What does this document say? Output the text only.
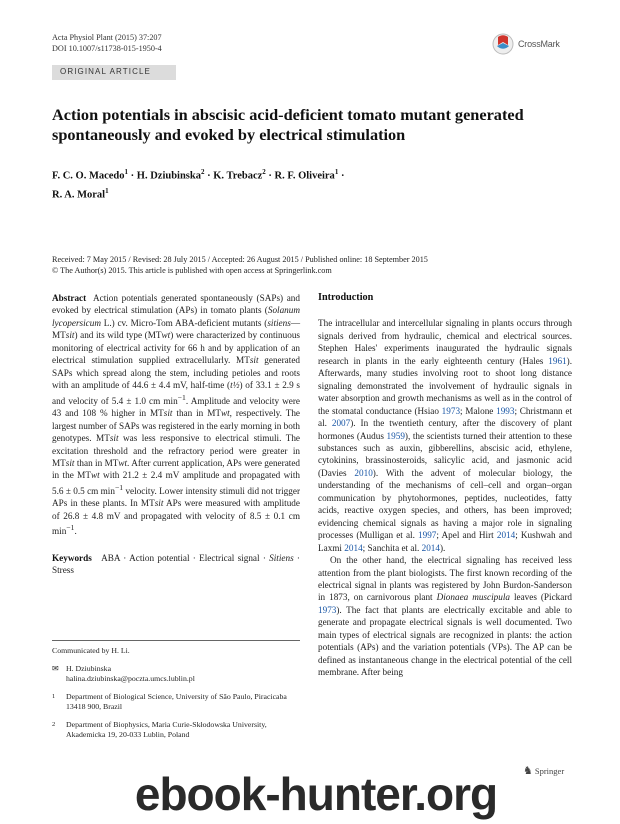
Acta Physiol Plant (2015) 37:207
DOI 10.1007/s11738-015-1950-4	CrossMark
ORIGINAL ARTICLE
Action potentials in abscisic acid-deficient tomato mutant generated spontaneously and evoked by electrical stimulation
F. C. O. Macedo$^1$ · H. Dziubinska$^2$ · K. Trebacz$^2$ · R. F. Oliveira$^1$ ·
R. A. Moral$^1$
Received: 7 May 2015 / Revised: 28 July 2015 / Accepted: 26 August 2015 / Published online: 18 September 2015
© The Author(s) 2015. This article is published with open access at Springerlink.com
Abstract Action potentials generated spontaneously (SAPs) and evoked by electrical stimulation (APs) in tomato plants (Solanum lycopersicum L.) cv. Micro-Tom ABA-deficient mutants (sitiens—MTsit) and its wild type (MTwt) were characterized by continuous monitoring of electrical activity for 66 h and by application of an electrical stimulation supplied extracellularly. MTsit generated SAPs which spread along the stem, including petioles and roots with an amplitude of 44.6 ± 4.4 mV, half-time (t½) of 33.1 ± 2.9 s and velocity of 5.4 ± 1.0 cm $\min^{-1}$. Amplitude and velocity were 43 and 108 % higher in MTsit than in MTwt, respectively. The largest number of SAPs was registered in the early morning in both genotypes. MTsit was less responsive to electrical stimuli. The excitation threshold and the refractory period were greater in MTsit than in MTwt. After current application, APs were generated in the MTwt with 21.2 ± 2.4 mV amplitude and propagated with 5.6 ± 0.5 cm $\min^{-1}$ velocity. Lower intensity stimuli did not trigger APs in these plants. In MTsit APs were measured with amplitude of 26.8 ± 4.8 mV and propagated with velocity of 8.5 ± 0.1 cm $\min^{-1}$.
Keywords ABA · Action potential · Electrical signal · Sitiens · Stress
Communicated by H. Li.
✉ H. Dziubinska
halina.dziubinska@poczta.umcs.lublin.pl
1	Department of Biological Science, University of São Paulo, Piracicaba 13418 900, Brazil
2	Department of Biophysics, Maria Curie-Skłodowska University, Akademicka 19, 20-033 Lublin, Poland
Introduction
The intracellular and intercellular signaling in plants occurs through signals derived from hydraulic, chemical and electrical sources. Stephen Hales' experiments inaugurated the hydraulic signals research in plants in the early eighteenth century (Hales 1961). Afterwards, many studies involving root to shoot long distance signaling demonstrated the involvement of hydraulic signals in water absorption and growth mechanisms as well as in the control of the stomatal conductance (Hsiao 1973; Malone 1993; Christmann et al. 2007). In the twentieth century, after the discovery of plant hormones (Audus 1959), the scientists turned their attention to these substances such as auxin, gibberellins, abscisic acid, ethylene, cytokinins, brassinosteroids, salicylic acid, and jasmonic acid (Davies 2010). With the advent of molecular biology, the understanding of the mechanisms of cell–cell and organ–organ communication by phytohormones, peptides, nucleotides, fatty acids, reactive oxygen species, and others, has been improved; evidencing chemical signals as having a major role in signaling processes (Mulligan et al. 1997; Apel and Hirt 2014; Kushwah and Laxmi 2014; Sanchita et al. 2014).
On the other hand, the electrical signaling has received less attention from the plant biologists. The first known recording of the electrical signal in plants was registered by John Burdon-Sanderson in 1873, on carnivorous plant Dionaea muscipula leaves (Pickard 1973). The fact that plants are electrically excitable and able to generate and propagate electrical signals is well documented. Two main types of electrical signals are recognized in plants: the action potentials (APs) and the variation potentials (VPs). The AP can be defined as instantaneous change in the electrical potential of the cell membrane. After being
♞ Springer
ebook-hunter.org
